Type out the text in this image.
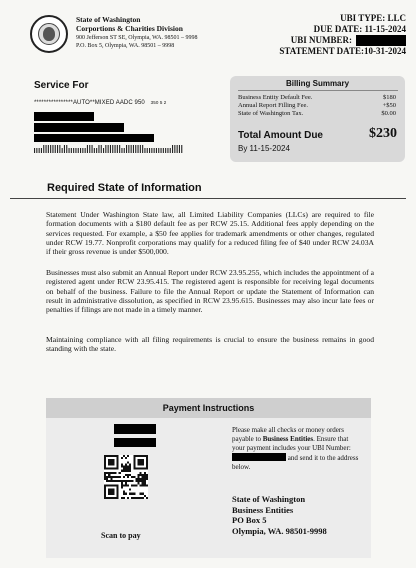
State of Washington
Corportions & Charities Division
900 Jefferson ST SE, Olympia, WA. 98501 – 9998
P.O. Box 5, Olympia, WA. 98501 – 9998
UBI TYPE: LLC
DUE DATE: 11-15-2024
UBI NUMBER:
STATEMENT DATE:10-31-2024
Service For
****************AUTO**MIXED AADC 950 350 5 2
Billing Summary
Business Entity Default Fee.	$180
Annual Report Filling Fee.	+$50
State of Washington Tax.	$0.00
Total Amount Due	$230
By 11-15-2024
Required State of Information
Statement Under Washington State law, all Limited Liability Companies (LLCs) are required to file formation documents with a $180 default fee as per RCW 25.15. Additional fees apply depending on the services requested. For example, a $50 fee applies for trademark amendments or other changes, regulated under RCW 19.77. Nonprofit corporations may qualify for a reduced filing fee of $40 under RCW 24.03A if their gross revenue is under $500,000.
Businesses must also submit an Annual Report under RCW 23.95.255, which includes the appointment of a registered agent under RCW 23.95.415. The registered agent is responsible for receiving legal documents on behalf of the business. Failure to file the Annual Report or update the Statement of Information can result in administrative dissolution, as specified in RCW 23.95.615. Businesses may also incur late fees or penalties if filings are not made in a timely manner.
Maintaining compliance with all filing requirements is crucial to ensure the business remains in good standing with the state.
Payment Instructions
Scan to pay
Please make all checks or money orders payable to Business Entities. Ensure that your payment includes your UBI Number:  and send it to the address below.
State of Washington
Business Entities
PO Box 5
Olympia, WA. 98501-9998
